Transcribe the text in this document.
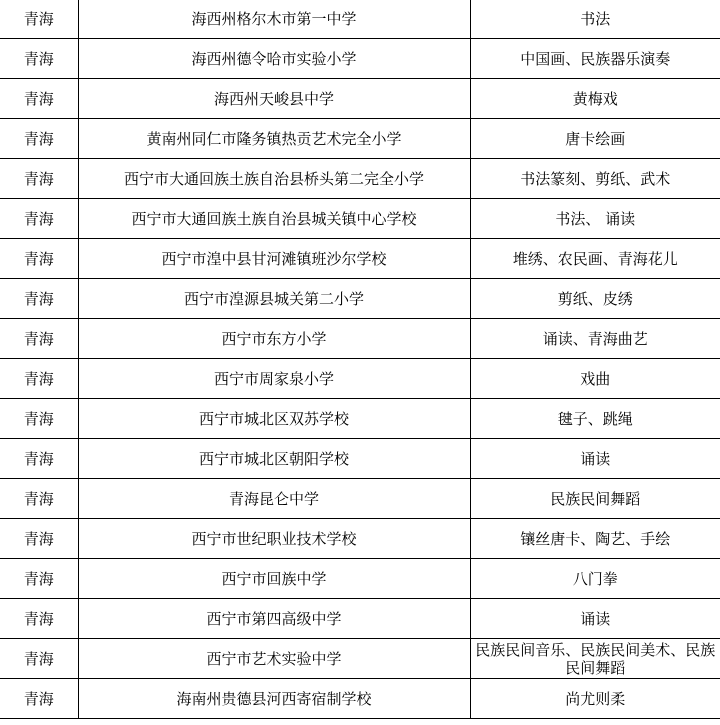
青海	海西州格尔木市第一中学	书法
青海	海西州德令哈市实验小学	中国画、民族器乐演奏
青海	海西州天峻县中学	黄梅戏
青海	黄南州同仁市隆务镇热贡艺术完全小学	唐卡绘画
青海	西宁市大通回族土族自治县桥头第二完全小学	书法篆刻、剪纸、武术
青海	西宁市大通回族土族自治县城关镇中心学校	书法、 诵读
青海	西宁市湟中县甘河滩镇班沙尔学校	堆绣、农民画、青海花儿
青海	西宁市湟源县城关第二小学	剪纸、皮绣
青海	西宁市东方小学	诵读、青海曲艺
青海	西宁市周家泉小学	戏曲
青海	西宁市城北区双苏学校	毽子、跳绳
青海	西宁市城北区朝阳学校	诵读
青海	青海昆仑中学	民族民间舞蹈
青海	西宁市世纪职业技术学校	镶丝唐卡、陶艺、手绘
青海	西宁市回族中学	八门拳
青海	西宁市第四高级中学	诵读
青海	西宁市艺术实验中学	民族民间音乐、民族民间美术、民族民间舞蹈
青海	海南州贵德县河西寄宿制学校	尚尤则柔
